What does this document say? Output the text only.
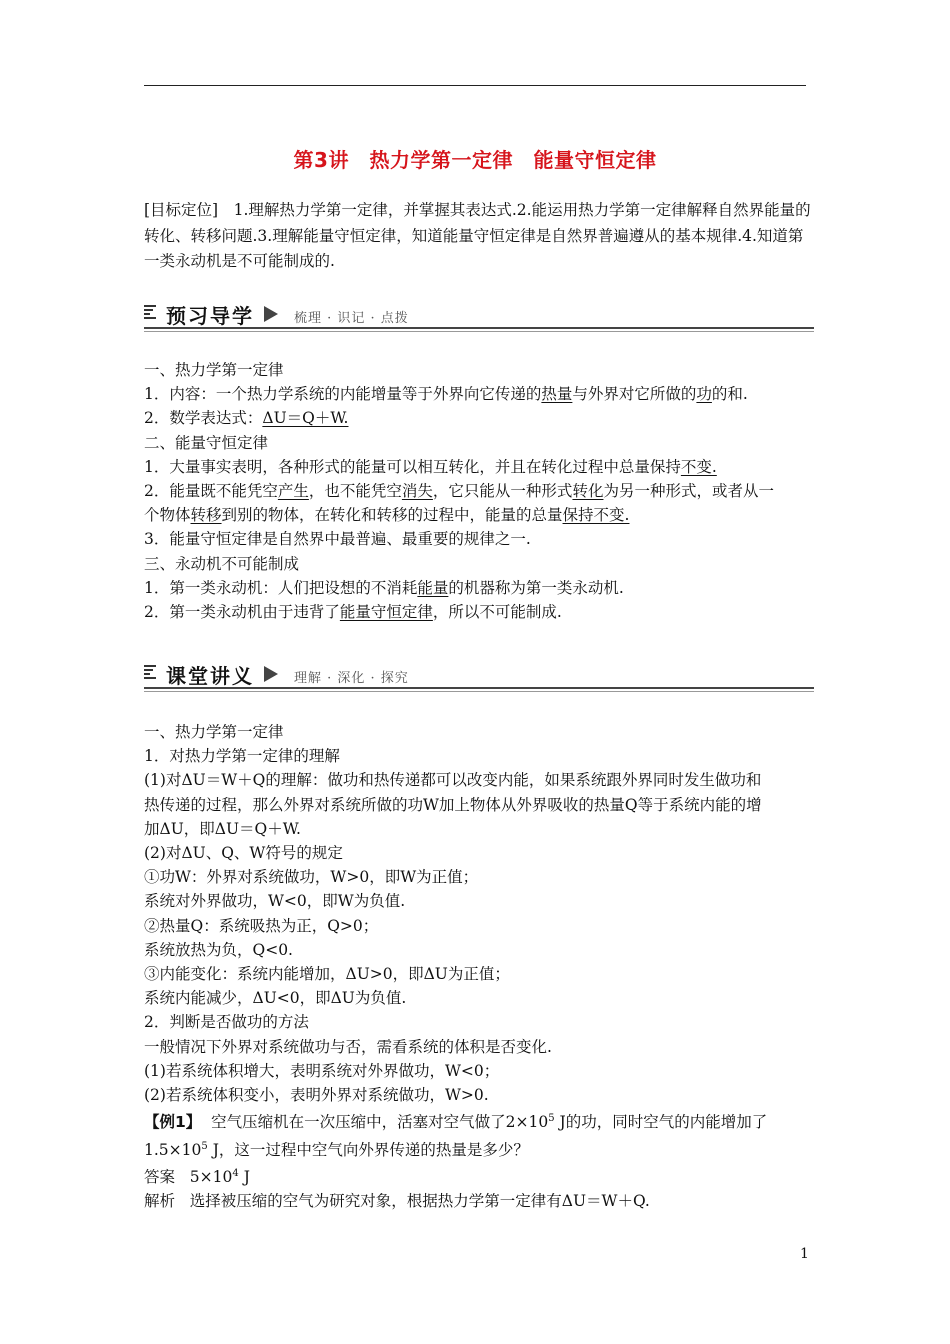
第3讲　热力学第一定律　能量守恒定律
[目标定位]　1.理解热力学第一定律，并掌握其表达式.2.能运用热力学第一定律解释自然界能量的转化、转移问题.3.理解能量守恒定律，知道能量守恒定律是自然界普遍遵从的基本规律.4.知道第一类永动机是不可能制成的.
预习导学	梳理 · 识记 · 点拨

一、热力学第一定律

1．内容：一个热力学系统的内能增量等于外界向它传递的热量与外界对它所做的功的和.

2．数学表达式：ΔU＝Q＋W.

二、能量守恒定律

1．大量事实表明，各种形式的能量可以相互转化，并且在转化过程中总量保持不变.

2．能量既不能凭空产生，也不能凭空消失，它只能从一种形式转化为另一种形式，或者从一

个物体转移到别的物体，在转化和转移的过程中，能量的总量保持不变.

3．能量守恒定律是自然界中最普遍、最重要的规律之一.

三、永动机不可能制成

1．第一类永动机：人们把设想的不消耗能量的机器称为第一类永动机.

2．第一类永动机由于违背了能量守恒定律，所以不可能制成.

课堂讲义	理解 · 深化 · 探究

一、热力学第一定律

1．对热力学第一定律的理解

(1)对ΔU＝W＋Q的理解：做功和热传递都可以改变内能，如果系统跟外界同时发生做功和

热传递的过程，那么外界对系统所做的功W加上物体从外界吸收的热量Q等于系统内能的增

加ΔU，即ΔU＝Q＋W.

(2)对ΔU、Q、W符号的规定

①功W：外界对系统做功，W>0，即W为正值；

系统对外界做功，W<0，即W为负值.

②热量Q：系统吸热为正，Q>0；

系统放热为负，Q<0.

③内能变化：系统内能增加，ΔU>0，即ΔU为正值；

系统内能减少，ΔU<0，即ΔU为负值.

2．判断是否做功的方法

一般情况下外界对系统做功与否，需看系统的体积是否变化.

(1)若系统体积增大，表明系统对外界做功，W<0；

(2)若系统体积变小，表明外界对系统做功，W>0.

【例1】 空气压缩机在一次压缩中，活塞对空气做了$2\times 10^5$ J的功，同时空气的内能增加了

$1.5\times 10^5$ J，这一过程中空气向外界传递的热量是多少？

答案 $5\times 10^4$ J

解析 选择被压缩的空气为研究对象，根据热力学第一定律有ΔU＝W＋Q.

1
